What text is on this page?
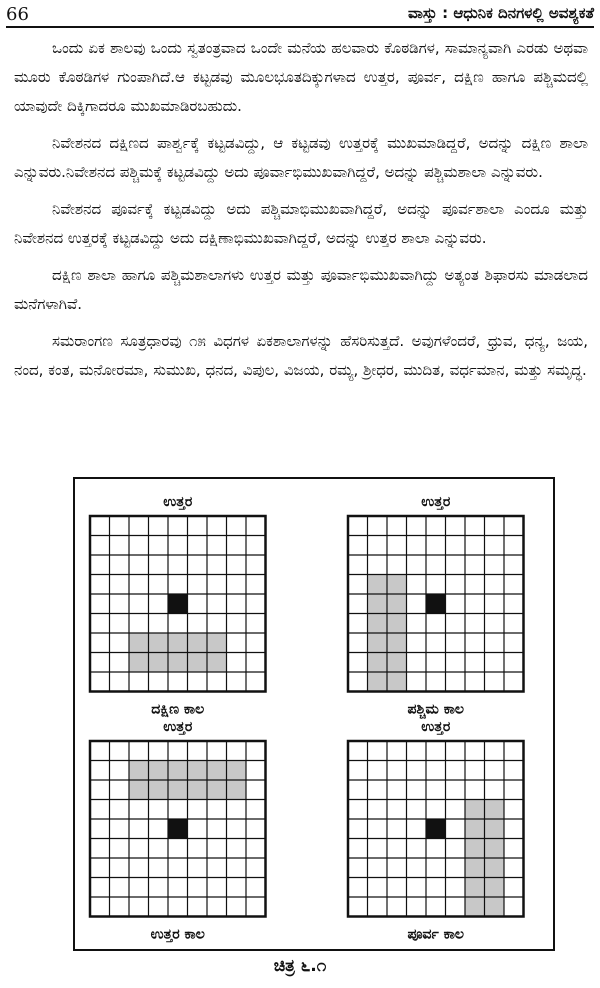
66	ವಾಸ್ತು : ಆಧುನಿಕ ದಿನಗಳಲ್ಲಿ ಅವಶ್ಯಕತೆ

ಒಂದು ಏಕ ಶಾಲವು ಒಂದು ಸ್ವತಂತ್ರವಾದ ಒಂದೇ ಮನೆಯ ಹಲವಾರು ಕೊಠಡಿಗಳ, ಸಾಮಾನ್ಯವಾಗಿ ಎರಡು ಅಥವಾ ಮೂರು ಕೊಠಡಿಗಳ ಗುಂಪಾಗಿದೆ.ಆ ಕಟ್ಟಡವು ಮೂಲಭೂತದಿಕ್ಕುಗಳಾದ ಉತ್ತರ, ಪೂರ್ವ, ದಕ್ಷಿಣ ಹಾಗೂ ಪಶ್ಚಿಮದಲ್ಲಿ ಯಾವುದೇ ದಿಕ್ಕಿಗಾದರೂ ಮುಖಮಾಡಿರಬಹುದು.

ನಿವೇಶನದ ದಕ್ಷಿಣದ ಪಾರ್ಶ್ವಕ್ಕೆ ಕಟ್ಟಡವಿದ್ದು, ಆ ಕಟ್ಟಡವು ಉತ್ತರಕ್ಕೆ ಮುಖಮಾಡಿದ್ದರೆ, ಅದನ್ನು ದಕ್ಷಿಣ ಶಾಲಾ ಎನ್ನುವರು.ನಿವೇಶನದ ಪಶ್ಚಿಮಕ್ಕೆ ಕಟ್ಟಡವಿದ್ದು ಅದು ಪೂರ್ವಾಭಿಮುಖವಾಗಿದ್ದರೆ, ಅದನ್ನು ಪಶ್ಚಿಮಶಾಲಾ ಎನ್ನುವರು.

ನಿವೇಶನದ ಪೂರ್ವಕ್ಕೆ ಕಟ್ಟಡವಿದ್ದು ಅದು ಪಶ್ಚಿಮಾಭಿಮುಖವಾಗಿದ್ದರೆ, ಅದನ್ನು ಪೂರ್ವಶಾಲಾ ಎಂದೂ ಮತ್ತು ನಿವೇಶನದ ಉತ್ತರಕ್ಕೆ ಕಟ್ಟಡವಿದ್ದು ಅದು ದಕ್ಷಿಣಾಭಿಮುಖವಾಗಿದ್ದರೆ, ಅದನ್ನು ಉತ್ತರ ಶಾಲಾ ಎನ್ನುವರು.

ದಕ್ಷಿಣ ಶಾಲಾ ಹಾಗೂ ಪಶ್ಚಿಮಶಾಲಾಗಳು ಉತ್ತರ ಮತ್ತು ಪೂರ್ವಾಭಿಮುಖವಾಗಿದ್ದು ಅತ್ಯಂತ ಶಿಫಾರಸು ಮಾಡಲಾದ ಮನೆಗಳಾಗಿವೆ.

ಸಮರಾಂಗಣ ಸೂತ್ರಧಾರವು ೧೫ ವಿಧಗಳ ಏಕಶಾಲಾಗಳನ್ನು ಹೆಸರಿಸುತ್ತದೆ. ಅವುಗಳೆಂದರೆ, ಧ್ರುವ, ಧನ್ಯ, ಜಯ, ನಂದ, ಕಂತ, ಮನೋರಮಾ, ಸುಮುಖ, ಧನದ, ವಿಪುಲ, ವಿಜಯ, ರಮ್ಯ, ಶ್ರೀಧರ, ಮುದಿತ, ವರ್ಧಮಾನ, ಮತ್ತು ಸಮೃದ್ಧ.

ಉತ್ತರ
ದಕ್ಷಿಣ ಕಾಲ
ಉತ್ತರ
ಪಶ್ಚಿಮ ಕಾಲ
ಉತ್ತರ
ಉತ್ತರ ಕಾಲ
ಉತ್ತರ
ಪೂರ್ವ ಕಾಲ
ಚಿತ್ರ ೬.೧
